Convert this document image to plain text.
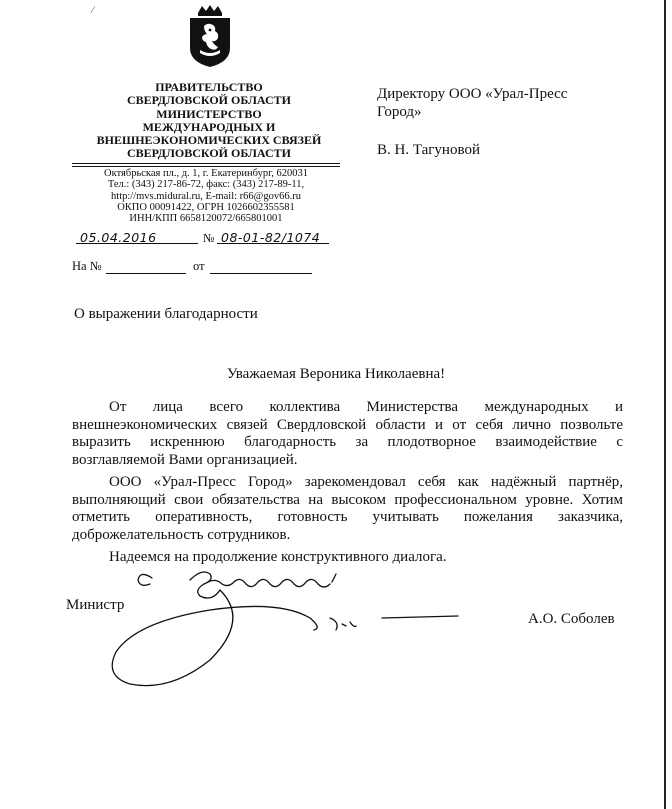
⁄
ПРАВИТЕЛЬСТВО
СВЕРДЛОВСКОЙ ОБЛАСТИ
МИНИСТЕРСТВО
МЕЖДУНАРОДНЫХ И
ВНЕШНЕЭКОНОМИЧЕСКИХ СВЯЗЕЙ
СВЕРДЛОВСКОЙ ОБЛАСТИ
Октябрьская пл., д. 1, г. Екатеринбург, 620031
Тел.: (343) 217-86-72, факс: (343) 217-89-11,
http://mvs.midural.ru, E-mail: r66@gov66.ru
ОКПО 00091422, ОГРН 1026602355581
ИНН/КПП 6658120072/665801001
05.04.2016	№ 08-01-82/1074
На №	от
Директору ООО «Урал-Пресс
Город»
В. Н. Тагуновой
О выражении благодарности
Уважаемая Вероника Николаевна!

От лица всего коллектива Министерства международных и внешнеэкономических связей Свердловской области и от себя лично позвольте выразить искреннюю благодарность за плодотворное взаимодействие с возглавляемой Вами организацией.

ООО «Урал-Пресс Город» зарекомендовал себя как надёжный партнёр, выполняющий свои обязательства на высоком профессиональном уровне. Хотим отметить оперативность, готовность учитывать пожелания заказчика, доброжелательность сотрудников.

Надеемся на продолжение конструктивного диалога.

Министр
А.О. Соболев
